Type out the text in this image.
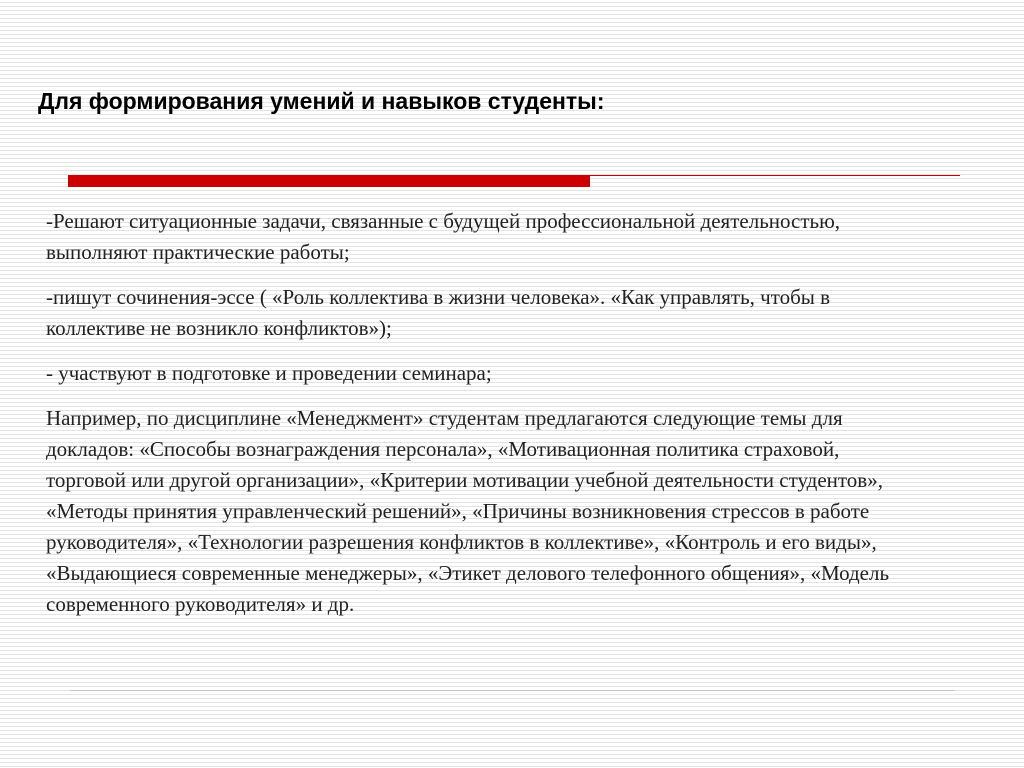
Для формирования умений и навыков студенты:

-Решают ситуационные задачи, связанные с будущей профессиональной деятельностью, выполняют практические работы;

-пишут сочинения-эссе ( «Роль коллектива в жизни человека». «Как управлять, чтобы в коллективе не возникло конфликтов»);

- участвуют в подготовке и проведении семинара;

Например, по дисциплине «Менеджмент» студентам предлагаются следующие темы для докладов: «Способы вознаграждения персонала», «Мотивационная политика страховой, торговой или другой организации», «Критерии мотивации учебной деятельности студентов», «Методы принятия управленческий решений», «Причины возникновения стрессов в работе руководителя», «Технологии разрешения конфликтов в коллективе», «Контроль и его виды», «Выдающиеся современные менеджеры», «Этикет делового телефонного общения», «Модель современного руководителя» и др.
